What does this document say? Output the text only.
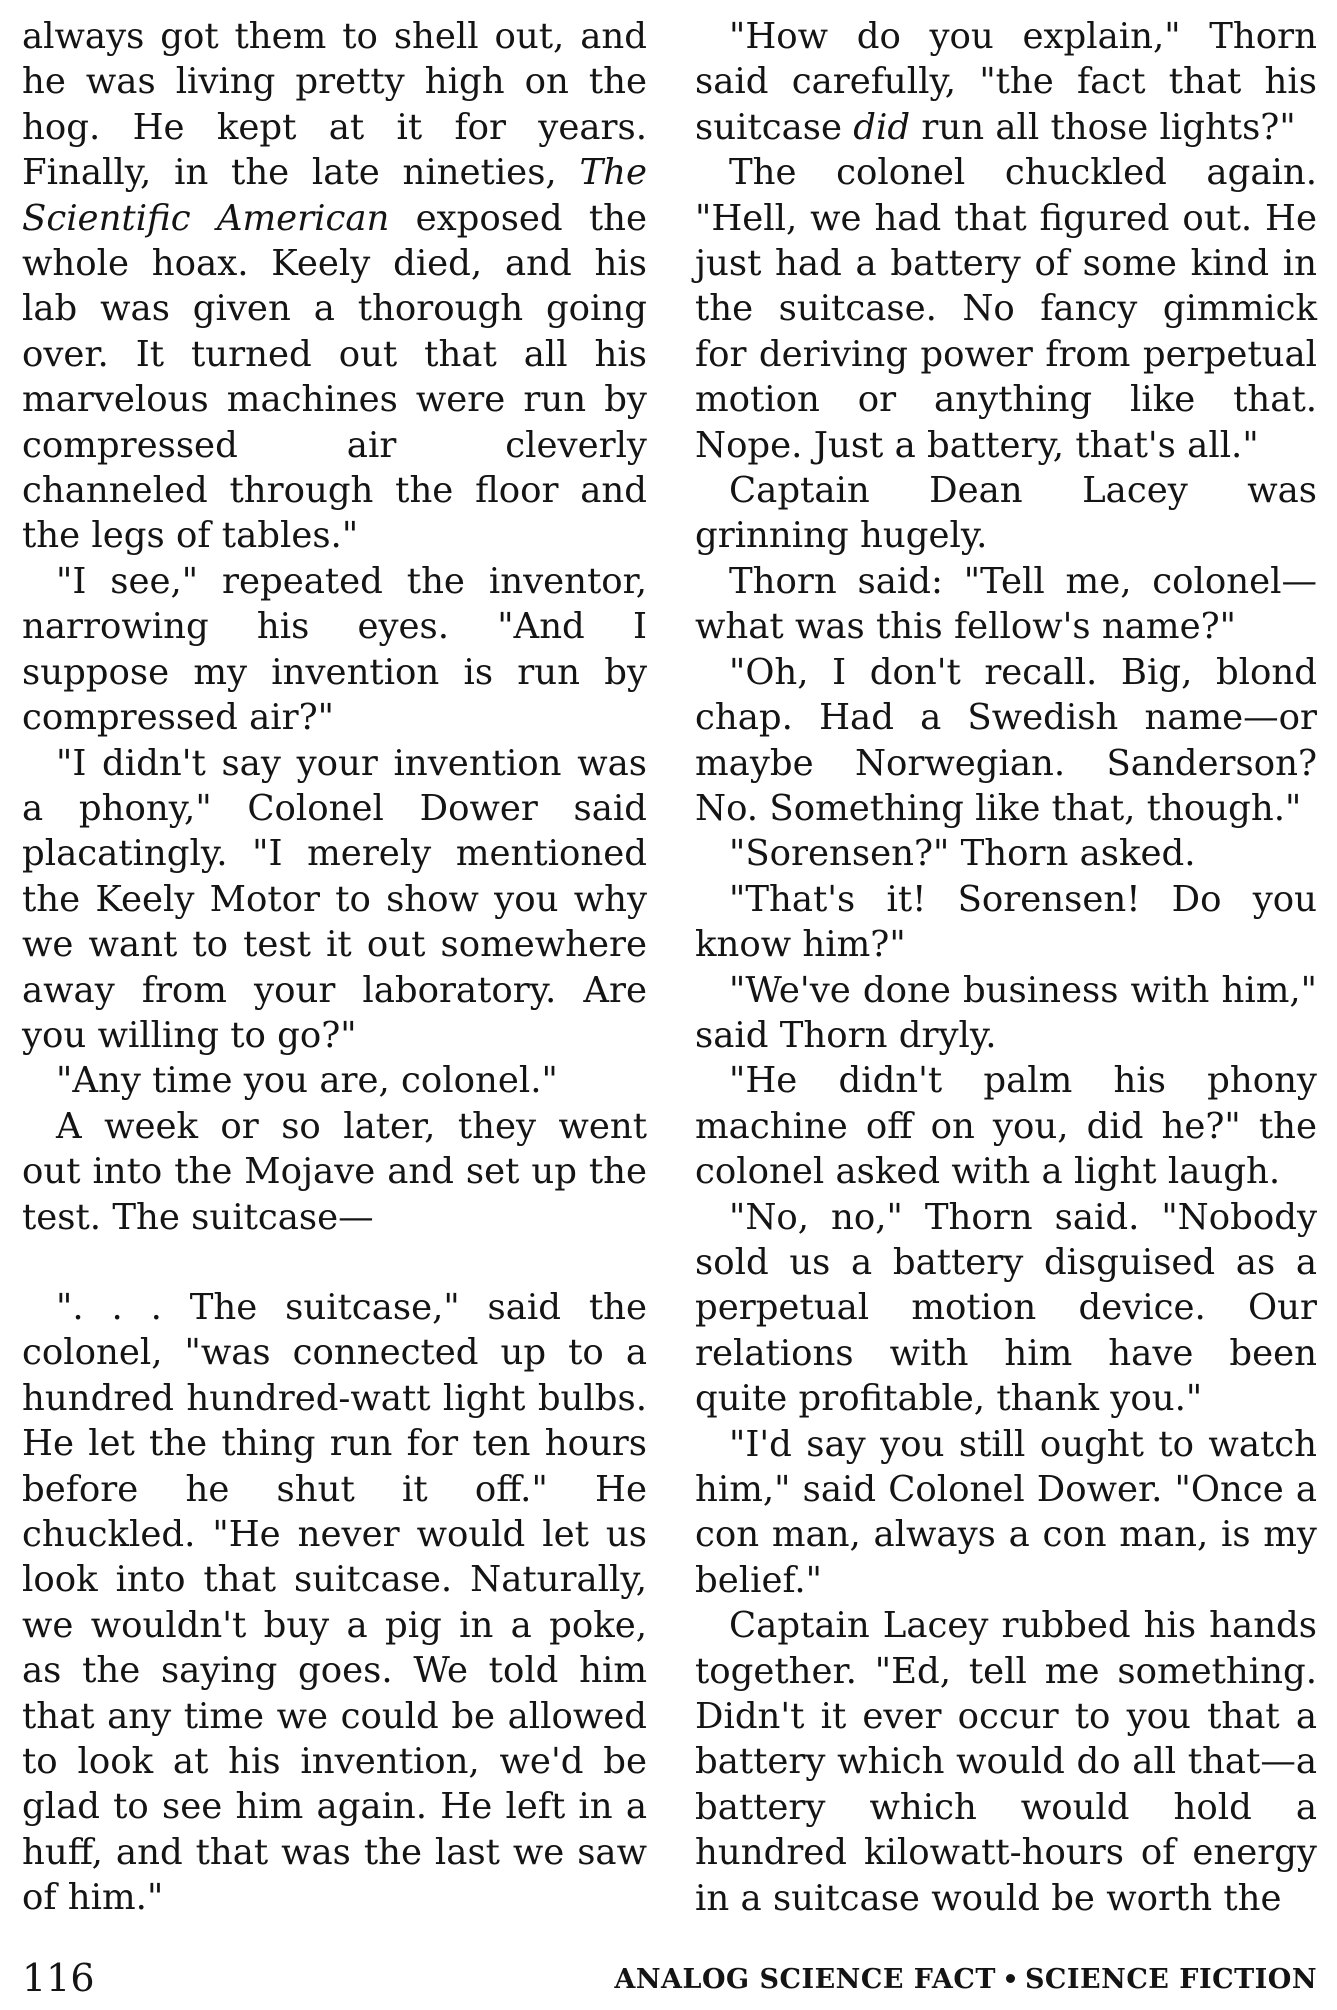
always got them to shell out, and he was living pretty high on the hog. He kept at it for years. Finally, in the late nineties, The Scientific American exposed the whole hoax. Keely died, and his lab was given a thorough going over. It turned out that all his marvelous machines were run by compressed air cleverly channeled through the floor and the legs of tables."

"I see," repeated the inventor, narrowing his eyes. "And I suppose my invention is run by compressed air?"

"I didn't say your invention was a phony," Colonel Dower said placatingly. "I merely mentioned the Keely Motor to show you why we want to test it out somewhere away from your laboratory. Are you willing to go?"

"Any time you are, colonel."

A week or so later, they went out into the Mojave and set up the test. The suitcase—

". . . The suitcase," said the colonel, "was connected up to a hundred hundred-watt light bulbs. He let the thing run for ten hours before he shut it off." He chuckled. "He never would let us look into that suitcase. Naturally, we wouldn't buy a pig in a poke, as the saying goes. We told him that any time we could be allowed to look at his invention, we'd be glad to see him again. He left in a huff, and that was the last we saw of him."

"How do you explain," Thorn said carefully, "the fact that his suitcase did run all those lights?"

The colonel chuckled again. "Hell, we had that figured out. He just had a battery of some kind in the suitcase. No fancy gimmick for deriving power from perpetual motion or anything like that. Nope. Just a battery, that's all."

Captain Dean Lacey was grinning hugely.

Thorn said: "Tell me, colonel—what was this fellow's name?"

"Oh, I don't recall. Big, blond chap. Had a Swedish name—or maybe Norwegian. Sanderson? No. Something like that, though."

"Sorensen?" Thorn asked.

"That's it! Sorensen! Do you know him?"

"We've done business with him," said Thorn dryly.

"He didn't palm his phony machine off on you, did he?" the colonel asked with a light laugh.

"No, no," Thorn said. "Nobody sold us a battery disguised as a perpetual motion device. Our relations with him have been quite profitable, thank you."

"I'd say you still ought to watch him," said Colonel Dower. "Once a con man, always a con man, is my belief."

Captain Lacey rubbed his hands together. "Ed, tell me something. Didn't it ever occur to you that a battery which would do all that—a battery which would hold a hundred kilowatt-hours of energy in a suitcase would be worth the

116	ANALOG SCIENCE FACT SCIENCE FICTION
